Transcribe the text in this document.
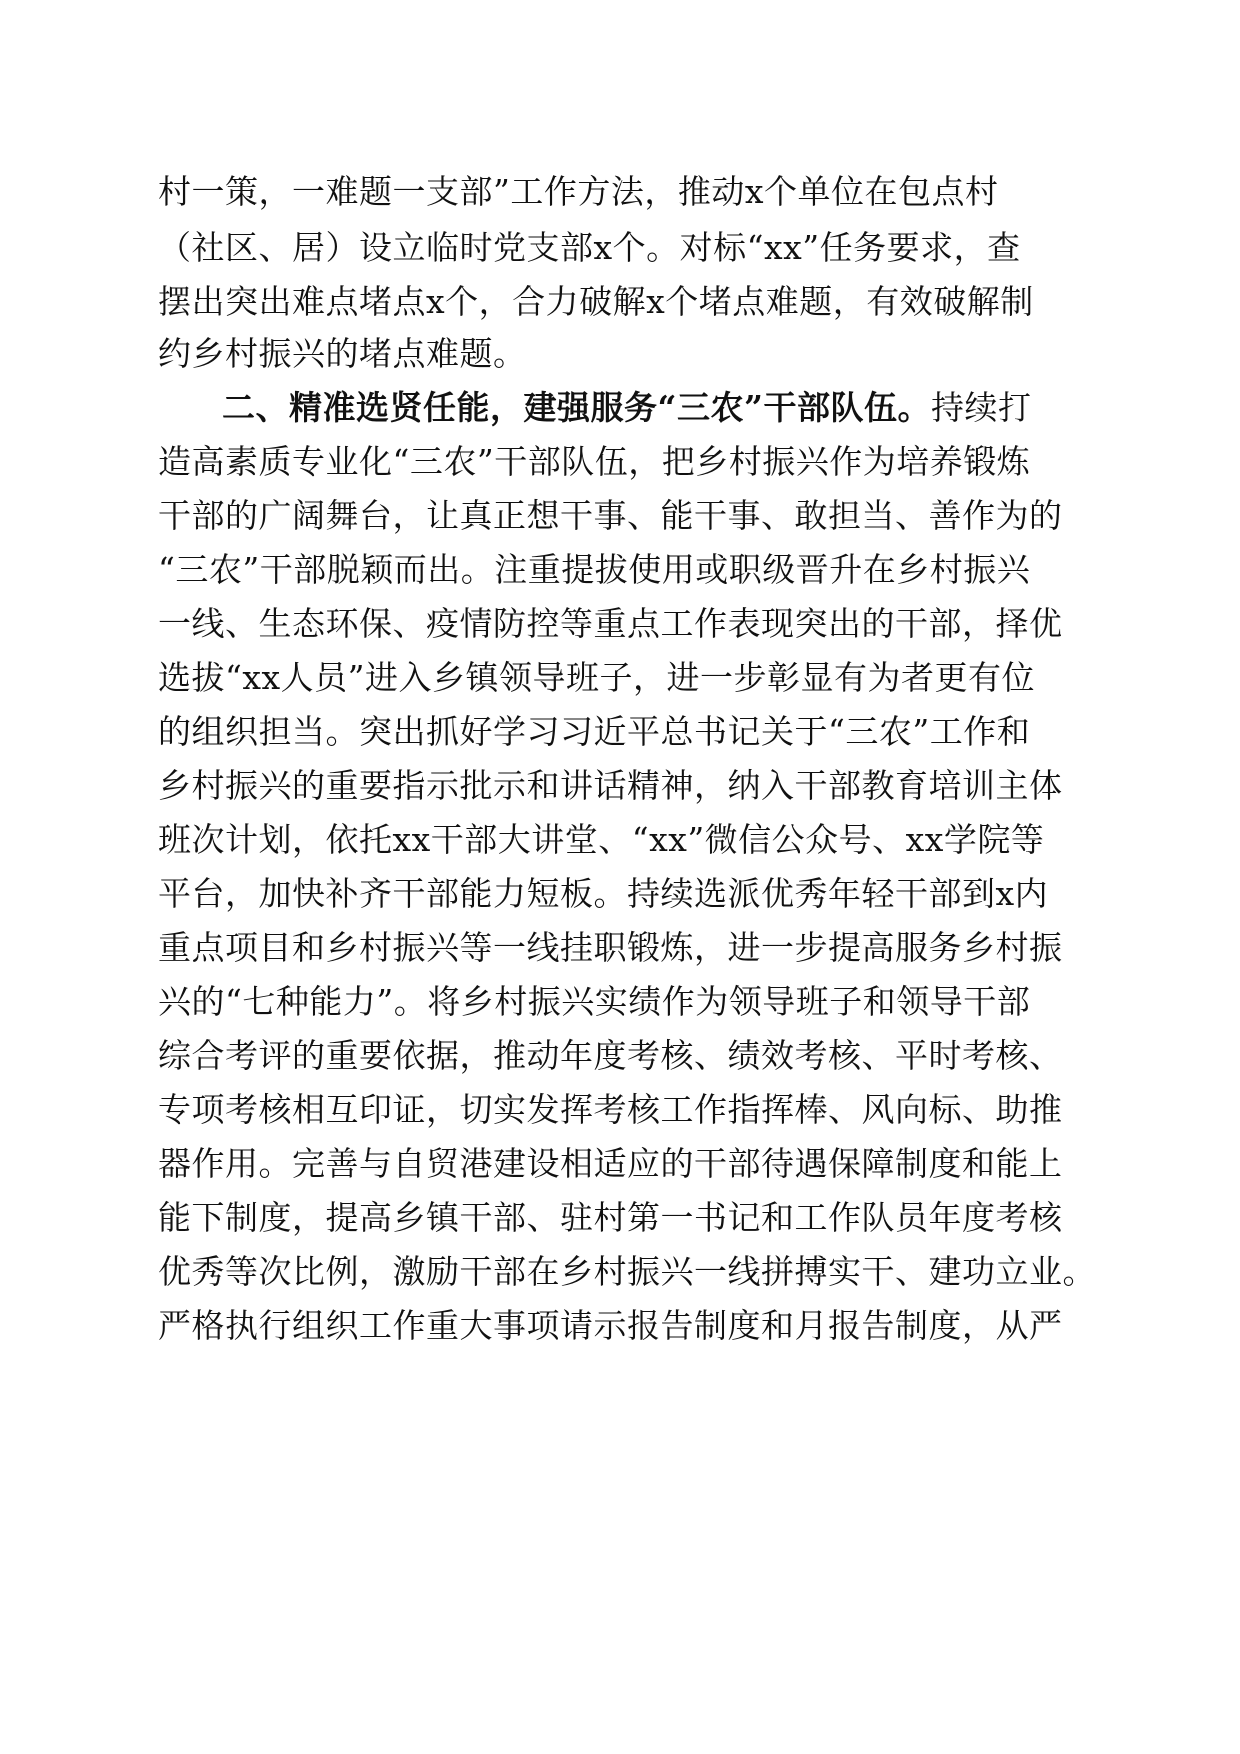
村一策，一难题一支部”工作方法，推动x个单位在包点村
（社区、居）设立临时党支部x个。对标“xx”任务要求，查
摆出突出难点堵点x个，合力破解x个堵点难题，有效破解制
约乡村振兴的堵点难题。
二、精准选贤任能，建强服务“三农”干部队伍。持续打
造高素质专业化“三农”干部队伍，把乡村振兴作为培养锻炼
干部的广阔舞台，让真正想干事、能干事、敢担当、善作为的
“三农”干部脱颖而出。注重提拔使用或职级晋升在乡村振兴
一线、生态环保、疫情防控等重点工作表现突出的干部，择优
选拔“xx人员”进入乡镇领导班子，进一步彰显有为者更有位
的组织担当。突出抓好学习习近平总书记关于“三农”工作和
乡村振兴的重要指示批示和讲话精神，纳入干部教育培训主体
班次计划，依托xx干部大讲堂、“xx”微信公众号、xx学院等
平台，加快补齐干部能力短板。持续选派优秀年轻干部到x内
重点项目和乡村振兴等一线挂职锻炼，进一步提高服务乡村振
兴的“七种能力”。将乡村振兴实绩作为领导班子和领导干部
综合考评的重要依据，推动年度考核、绩效考核、平时考核、
专项考核相互印证，切实发挥考核工作指挥棒、风向标、助推
器作用。完善与自贸港建设相适应的干部待遇保障制度和能上
能下制度，提高乡镇干部、驻村第一书记和工作队员年度考核
优秀等次比例，激励干部在乡村振兴一线拼搏实干、建功立业。
严格执行组织工作重大事项请示报告制度和月报告制度，从严
